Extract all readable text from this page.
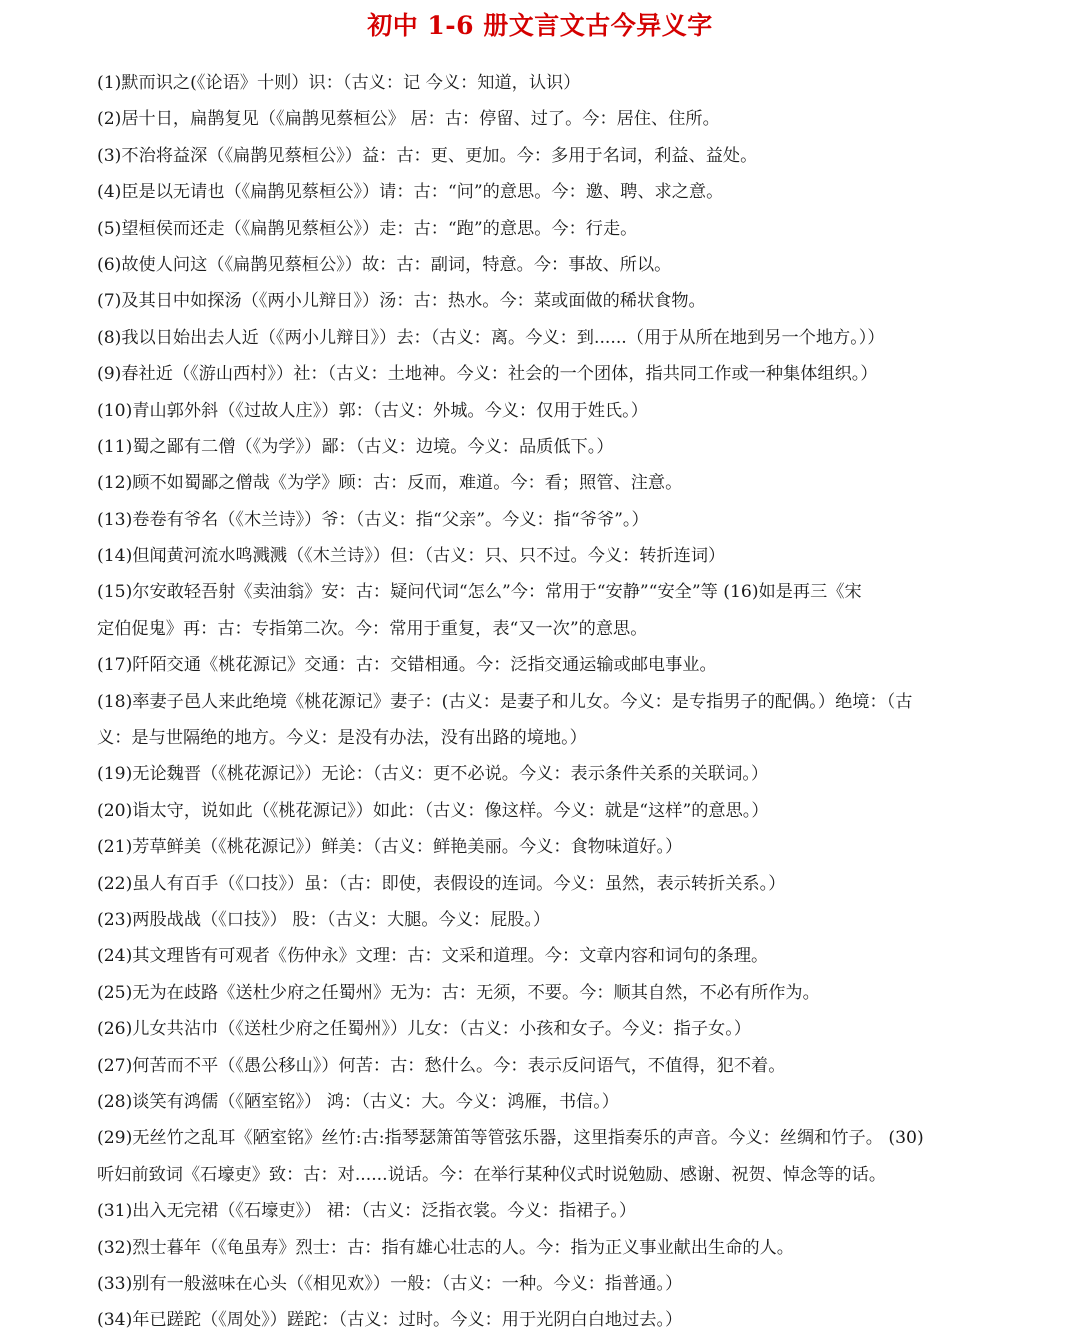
初中 1-6 册文言文古今异义字
(1)默而识之(《论语》十则）识：（古义：记 今义：知道，认识）
(2)居十日，扁鹊复见（《扁鹊见蔡桓公》 居：古：停留、过了。今：居住、住所。
(3)不治将益深（《扁鹊见蔡桓公》）益：古：更、更加。今：多用于名词，利益、益处。
(4)臣是以无请也（《扁鹊见蔡桓公》）请：古：“问”的意思。今：邀、聘、求之意。
(5)望桓侯而还走（《扁鹊见蔡桓公》）走：古：“跑”的意思。今：行走。
(6)故使人问这（《扁鹊见蔡桓公》）故：古：副词，特意。今：事故、所以。
(7)及其日中如探汤（《两小儿辩日》）汤：古：热水。今：菜或面做的稀状食物。
(8)我以日始出去人近（《两小儿辩日》）去：（古义：离。今义：到......（用于从所在地到另一个地方。））
(9)春社近（《游山西村》）社：（古义：土地神。今义：社会的一个团体，指共同工作或一种集体组织。）
(10)青山郭外斜（《过故人庄》）郭：（古义：外城。今义：仅用于姓氏。）
(11)蜀之鄙有二僧（《为学》）鄙：（古义：边境。今义：品质低下。）
(12)顾不如蜀鄙之僧哉《为学》顾：古：反而，难道。今：看；照管、注意。
(13)卷卷有爷名（《木兰诗》）爷：（古义：指“父亲”。今义：指“爷爷”。）
(14)但闻黄河流水鸣溅溅（《木兰诗》）但：（古义：只、只不过。今义：转折连词）
(15)尔安敢轻吾射《卖油翁》安：古：疑问代词“怎么”今：常用于“安静”“安全”等 (16)如是再三《宋
定伯促鬼》再：古：专指第二次。今：常用于重复，表“又一次”的意思。
(17)阡陌交通《桃花源记》交通：古：交错相通。今：泛指交通运输或邮电事业。
(18)率妻子邑人来此绝境《桃花源记》妻子：(古义：是妻子和儿女。今义：是专指男子的配偶。）绝境：（古
义：是与世隔绝的地方。今义：是没有办法，没有出路的境地。）
(19)无论魏晋（《桃花源记》）无论：（古义：更不必说。今义：表示条件关系的关联词。）
(20)诣太守，说如此（《桃花源记》）如此：（古义：像这样。今义：就是“这样”的意思。）
(21)芳草鲜美（《桃花源记》）鲜美：（古义：鲜艳美丽。今义：食物味道好。）
(22)虽人有百手（《口技》）虽：（古：即使，表假设的连词。今义：虽然，表示转折关系。）
(23)两股战战（《口技》） 股：（古义：大腿。今义：屁股。）
(24)其文理皆有可观者《伤仲永》文理：古：文采和道理。今：文章内容和词句的条理。
(25)无为在歧路《送杜少府之任蜀州》无为：古：无须，不要。今：顺其自然，不必有所作为。
(26)儿女共沾巾（《送杜少府之任蜀州》）儿女：（古义：小孩和女子。今义：指子女。）
(27)何苦而不平（《愚公移山》）何苦：古：愁什么。今：表示反问语气，不值得，犯不着。
(28)谈笑有鸿儒（《陋室铭》） 鸿：（古义：大。今义：鸿雁，书信。）
(29)无丝竹之乱耳《陋室铭》丝竹:古:指琴瑟箫笛等管弦乐器，这里指奏乐的声音。今义：丝绸和竹子。 (30)
听妇前致词《石壕吏》致：古：对......说话。今：在举行某种仪式时说勉励、感谢、祝贺、悼念等的话。
(31)出入无完裙（《石壕吏》） 裙：（古义：泛指衣裳。今义：指裙子。）
(32)烈士暮年（《龟虽寿》烈士：古：指有雄心壮志的人。今：指为正义事业献出生命的人。
(33)别有一般滋味在心头（《相见欢》）一般：（古义：一种。今义：指普通。）
(34)年已蹉跎（《周处》）蹉跎：（古义：过时。今义：用于光阴白白地过去。）
